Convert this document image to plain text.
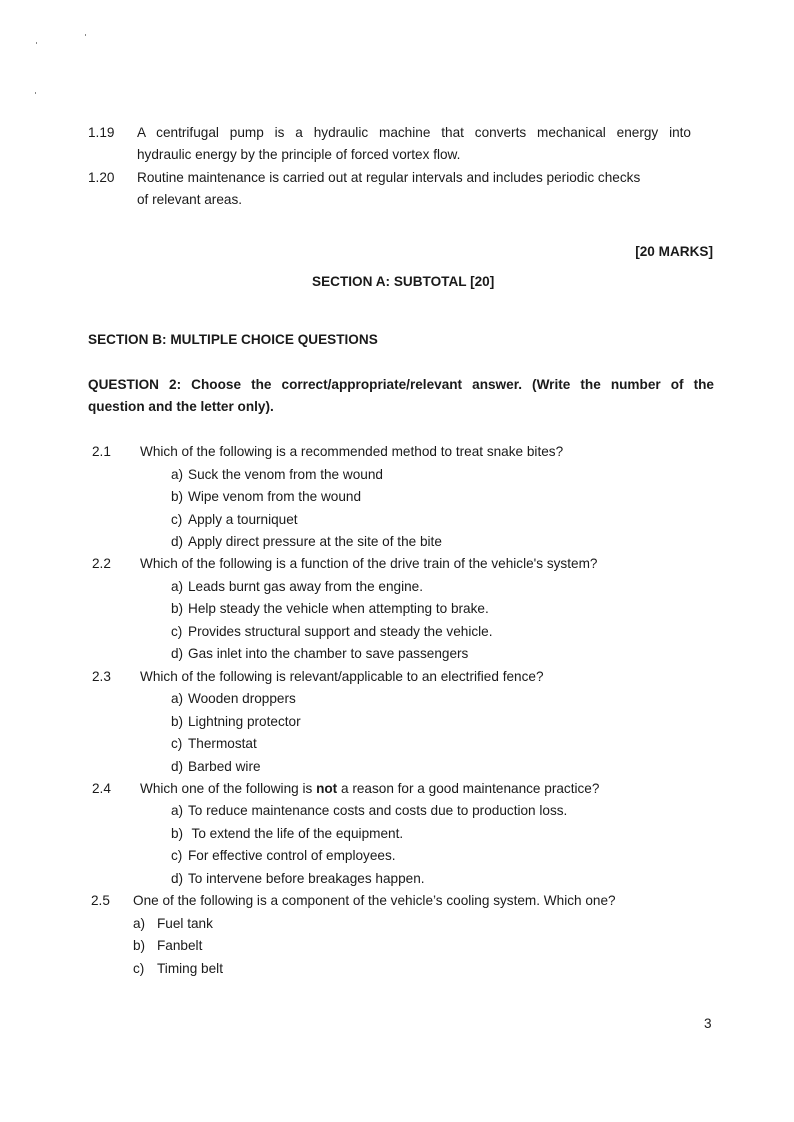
1.19 A centrifugal pump is a hydraulic machine that converts mechanical energy into
hydraulic energy by the principle of forced vortex flow.
1.20 Routine maintenance is carried out at regular intervals and includes periodic checks
of relevant areas.
[20 MARKS]
SECTION A: SUBTOTAL [20]
SECTION B: MULTIPLE CHOICE QUESTIONS
QUESTION 2: Choose the correct/appropriate/relevant answer. (Write the number of the
question and the letter only).
2.1 Which of the following is a recommended method to treat snake bites?
a) Suck the venom from the wound
b) Wipe venom from the wound
c) Apply a tourniquet
d) Apply direct pressure at the site of the bite
2.2 Which of the following is a function of the drive train of the vehicle's system?
a) Leads burnt gas away from the engine.
b) Help steady the vehicle when attempting to brake.
c) Provides structural support and steady the vehicle.
d) Gas inlet into the chamber to save passengers
2.3 Which of the following is relevant/applicable to an electrified fence?
a) Wooden droppers
b) Lightning protector
c) Thermostat
d) Barbed wire
2.4 Which one of the following is not a reason for a good maintenance practice?
a) To reduce maintenance costs and costs due to production loss.
b) To extend the life of the equipment.
c) For effective control of employees.
d) To intervene before breakages happen.
2.5 One of the following is a component of the vehicle’s cooling system. Which one?
a) Fuel tank
b) Fanbelt
c) Timing belt
3
